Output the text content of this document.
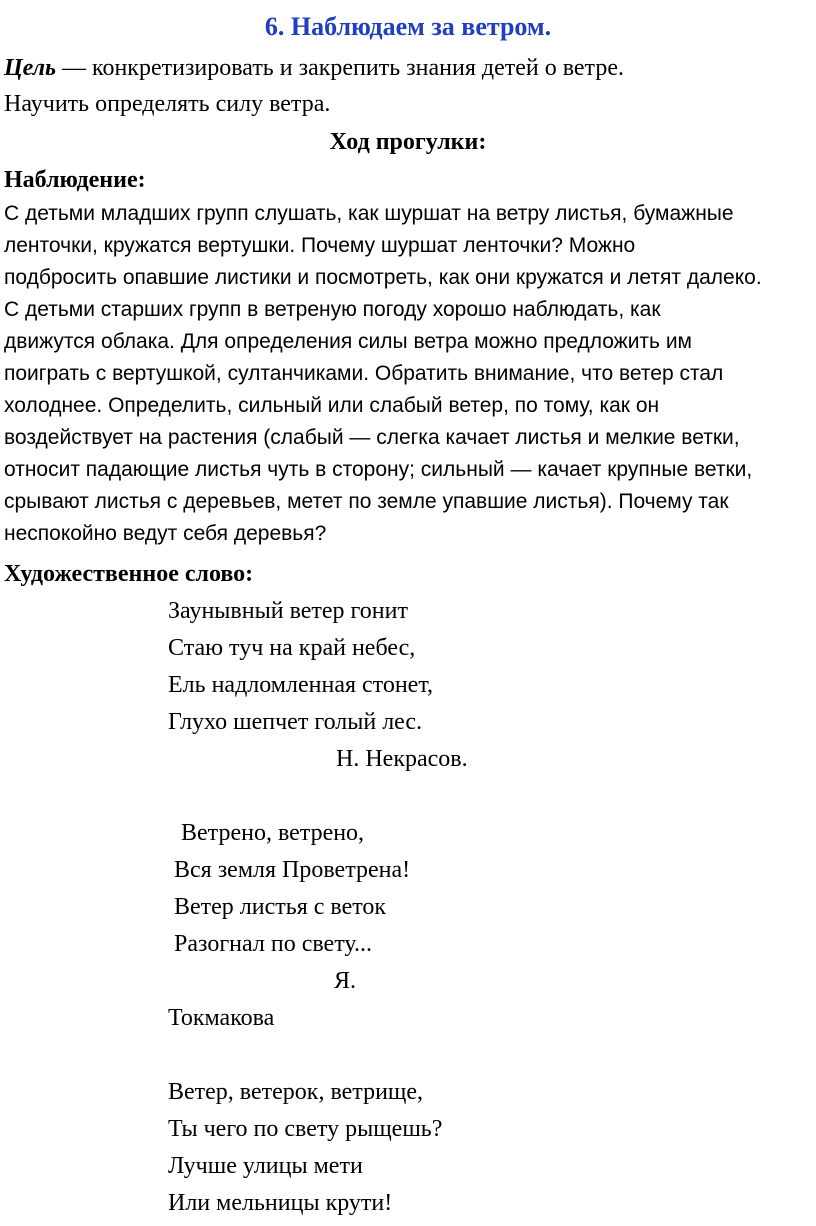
6. Наблюдаем за ветром.
Цель — конкретизировать и закрепить знания детей о ветре.
Научить определять силу ветра.
Ход прогулки:
Наблюдение:
С детьми младших групп слушать, как шуршат на ветру листья, бумажные
ленточки, кружатся вертушки. Почему шуршат ленточки? Можно
подбросить опавшие листики и посмотреть, как они кружатся и летят далеко.
С детьми старших групп в ветреную погоду хорошо наблюдать, как
движутся облака. Для определения силы ветра можно предложить им
поиграть с вертушкой, султанчиками. Обратить внимание, что ветер стал
холоднее. Определить, сильный или слабый ветер, по тому, как он
воздействует на растения (слабый — слегка качает листья и мелкие ветки,
относит падающие листья чуть в сторону; сильный — качает крупные ветки,
срывают листья с деревьев, метет по земле упавшие листья). Почему так
неспокойно ведут себя деревья?
Художественное слово:
Заунывный ветер гонит
Стаю туч на край небес,
Ель надломленная стонет,
Глухо шепчет голый лес.
Н. Некрасов.
Ветрено, ветрено,
Вся земля Проветрена!
Ветер листья с веток
Разогнал по свету...
Я.
Токмакова
Ветер, ветерок, ветрище,
Ты чего по свету рыщешь?
Лучше улицы мети
Или мельницы крути!
